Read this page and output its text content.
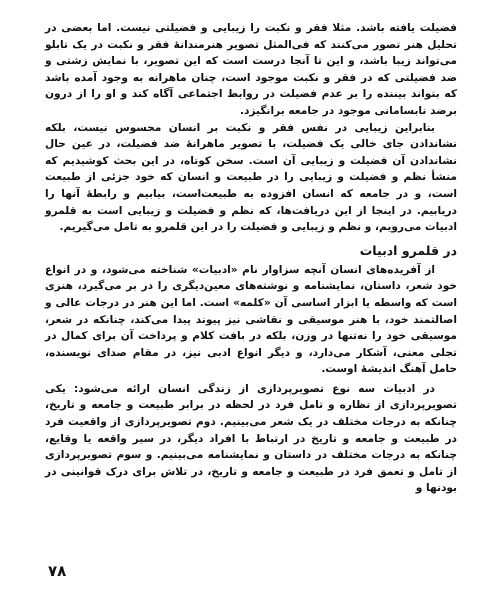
فضیلت یافته باشد. مثلا فقر و نکبت را زیبایی و فضیلتی نیست. اما بعضی در تحلیل هنر تصور می‌کنند که فی‌المثل تصویر هنرمندانهٔ فقر و نکبت در یک تابلو می‌تواند زیبا باشد، و این تا آنجا درست است که این تصویر، با نمایش زشتی و ضد فضیلتی که در فقر و نکبت موجود است، چنان ماهرانه به وجود آمده باشد که بتواند بیننده را بر عدم فضیلت در روابط اجتماعی آگاه کند و او را از درون برضد نابسامانی موجود در جامعه برانگیزد.

بنابراین زیبایی در نفس فقر و نکبت بر انسان محسوس نیست، بلکه نشاندادن جای خالی یک فضیلت، با تصویر ماهرانهٔ ضد فضیلت، در عین حال نشاندادن آن فضیلت و زیبایی آن است. سخن کوتاه، در این بحث کوشیدیم که منشأ نظم و فضیلت و زیبایی را در طبیعت و انسان که خود جزئی از طبیعت است، و در جامعه که انسان افزوده به طبیعت‌است، بیابیم و رابطهٔ آنها را دریابیم. در اینجا از این دریافت‌ها، که نظم و فضیلت و زیبایی است به قلمرو ادبیات می‌رویم، و نظم و زیبایی و فضیلت را در این قلمرو به تامل می‌گیریم.

در قلمرو ادبیات

از آفریده‌های انسان آنچه سزاوار نام «ادبیات» شناخته می‌شود، و در انواع خود شعر، داستان، نمایشنامه و نوشته‌های معین‌دیگری را در بر می‌گیرد، هنری است که واسطه یا ابزار اساسی آن «کلمه» است. اما این هنر در درجات عالی و اصالتمند خود، با هنر موسیقی و نقاشی نیز پیوند پیدا می‌کند، چنانکه در شعر، موسیقی خود را نه‌تنها در وزن، بلکه در بافت کلام و پرداخت آن برای کمال در تجلی معنی، آشکار می‌دارد، و دیگر انواع ادبی نیز، در مقام صدای نویسنده، حامل آهنگ اندیشهٔ اوست.

در ادبیات سه نوع تصویرپردازی از زندگی انسان ارائه می‌شود: یکی تصویرپردازی از نظاره و تامل فرد در لحظه در برابر طبیعت و جامعه و تاریخ، چنانکه به درجات مختلف در یک شعر می‌بینیم. دوم تصویرپردازی از واقعیت فرد در طبیعت و جامعه و تاریخ در ارتباط با افراد دیگر، در سیر واقعه یا وقایع، چنانکه به درجات مختلف در داستان و نمایشنامه می‌بینیم. و سوم تصویرپردازی از تامل و تعمق فرد در طبیعت و جامعه و تاریخ، در تلاش برای درک قوانینی در بودنها و

۷۸
